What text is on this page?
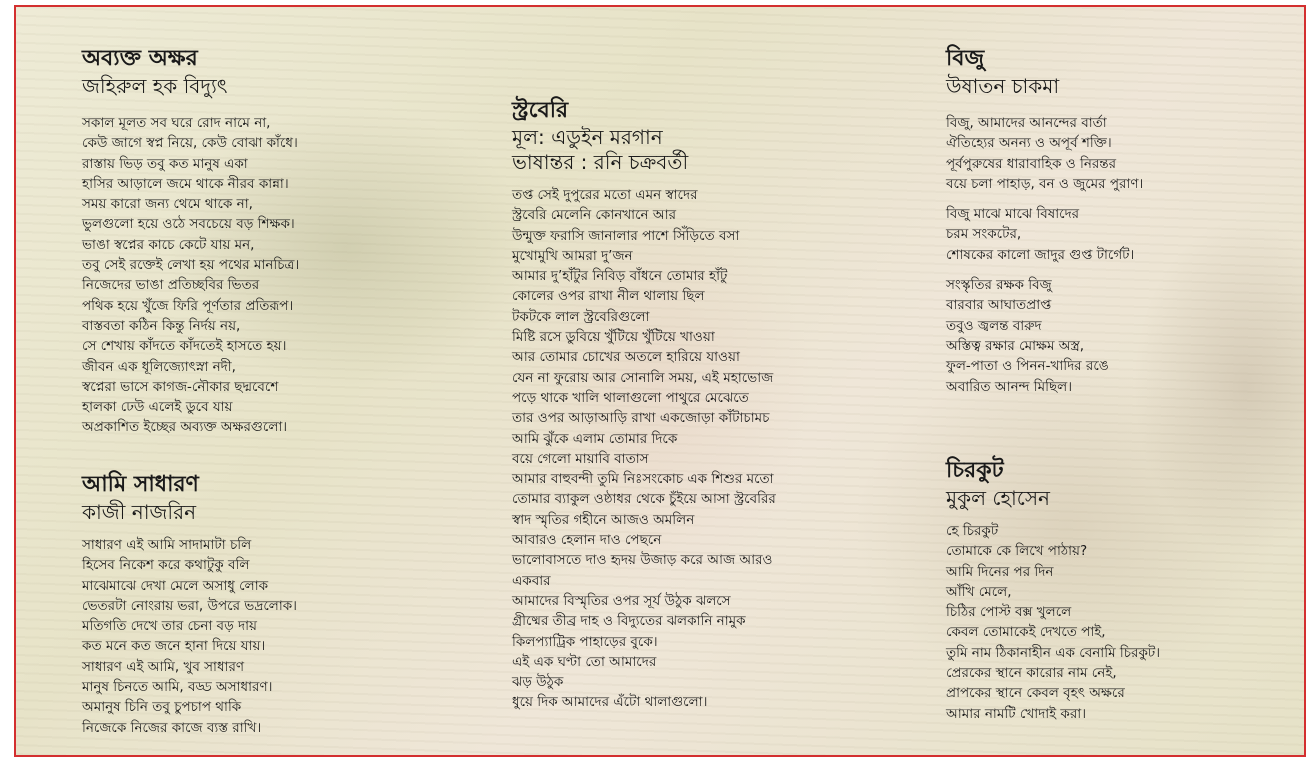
অব্যক্ত অক্ষর
জহিরুল হক বিদ্যুৎ
সকাল মূলত সব ঘরে রোদ নামে না,
কেউ জাগে স্বপ্ন নিয়ে, কেউ বোঝা কাঁধে।
রাস্তায় ভিড় তবু কত মানুষ একা
হাসির আড়ালে জমে থাকে নীরব কান্না।
সময় কারো জন্য থেমে থাকে না,
ভুলগুলো হয়ে ওঠে সবচেয়ে বড় শিক্ষক।
ভাঙা স্বপ্নের কাচে কেটে যায় মন,
তবু সেই রক্তেই লেখা হয় পথের মানচিত্র।
নিজেদের ভাঙা প্রতিচ্ছবির ভিতর
পথিক হয়ে খুঁজে ফিরি পূর্ণতার প্রতিরূপ।
বাস্তবতা কঠিন কিন্তু নির্দয় নয়,
সে শেখায় কাঁদতে কাঁদতেই হাসতে হয়।
জীবন এক ধূলিজ্যোৎস্না নদী,
স্বপ্নেরা ভাসে কাগজ-নৌকার ছদ্মবেশে
হালকা ঢেউ এলেই ডুবে যায়
অপ্রকাশিত ইচ্ছের অব্যক্ত অক্ষরগুলো।
আমি সাধারণ
কাজী নাজরিন
সাধারণ এই আমি সাদামাটা চলি
হিসেব নিকেশ করে কথাটুকু বলি
মাঝেমাঝে দেখা মেলে অসাধু লোক
ভেতরটা নোংরায় ভরা, উপরে ভদ্রলোক।
মতিগতি দেখে তার চেনা বড় দায়
কত মনে কত জনে হানা দিয়ে যায়।
সাধারণ এই আমি, খুব সাধারণ
মানুষ চিনতে আমি, বড্ড অসাধারণ।
অমানুষ চিনি তবু চুপচাপ থাকি
নিজেকে নিজের কাজে ব্যস্ত রাখি।
স্ট্রবেরি
মূল: এডুইন মরগান
ভাষান্তর : রনি চক্রবর্তী
তপ্ত সেই দুপুরের মতো এমন স্বাদের
স্ট্রবেরি মেলেনি কোনখানে আর
উন্মুক্ত ফরাসি জানালার পাশে সিঁড়িতে বসা
মুখোমুখি আমরা দু’জন
আমার দু’হাঁটুর নিবিড় বাঁধনে তোমার হাঁটু
কোলের ওপর রাখা নীল থালায় ছিল
টকটকে লাল স্ট্রবেরিগুলো
মিষ্টি রসে ডুবিয়ে খুঁটিয়ে খুঁটিয়ে খাওয়া
আর তোমার চোখের অতলে হারিয়ে যাওয়া
যেন না ফুরোয় আর সোনালি সময়, এই মহাভোজ
পড়ে থাকে খালি থালাগুলো পাথুরে মেঝেতে
তার ওপর আড়াআড়ি রাখা একজোড়া কাঁটাচামচ
আমি ঝুঁকে এলাম তোমার দিকে
বয়ে গেলো মায়াবি বাতাস
আমার বাহুবন্দী তুমি নিঃসংকোচ এক শিশুর মতো
তোমার ব্যাকুল ওষ্ঠাধর থেকে চুঁইয়ে আসা স্ট্রবেরির
স্বাদ স্মৃতির গহীনে আজও অমলিন
আবারও হেলান দাও পেছনে
ভালোবাসতে দাও হৃদয় উজাড় করে আজ আরও
একবার
আমাদের বিস্মৃতির ওপর সূর্য উঠুক ঝলসে
গ্রীষ্মের তীব্র দাহ ও বিদ্যুতের ঝলকানি নামুক
কিলপ্যাট্রিক পাহাড়ের বুকে।
এই এক ঘণ্টা তো আমাদের
ঝড় উঠুক
ধুয়ে দিক আমাদের এঁটো থালাগুলো।
বিজু
উষাতন চাকমা
বিজু, আমাদের আনন্দের বার্তা
ঐতিহ্যের অনন্য ও অপূর্ব শক্তি।
পূর্বপুরুষের ধারাবাহিক ও নিরন্তর
বয়ে চলা পাহাড়, বন ও জুমের পুরাণ।
বিজু মাঝে মাঝে বিষাদের
চরম সংকটের,
শোষকের কালো জাদুর গুপ্ত টার্গেট।
সংস্কৃতির রক্ষক বিজু
বারবার আঘাতপ্রাপ্ত
তবুও জ্বলন্ত বারুদ
অস্তিত্ব রক্ষার মোক্ষম অস্ত্র,
ফুল-পাতা ও পিনন-খাদির রঙে
অবারিত আনন্দ মিছিল।
চিরকুট
মুকুল হোসেন
হে চিরকুট
তোমাকে কে লিখে পাঠায়?
আমি দিনের পর দিন
আঁখি মেলে,
চিঠির পোস্ট বক্স খুললে
কেবল তোমাকেই দেখতে পাই,
তুমি নাম ঠিকানাহীন এক বেনামি চিরকুট।
প্রেরকের স্থানে কারোর নাম নেই,
প্রাপকের স্থানে কেবল বৃহৎ অক্ষরে
আমার নামটি খোদাই করা।
